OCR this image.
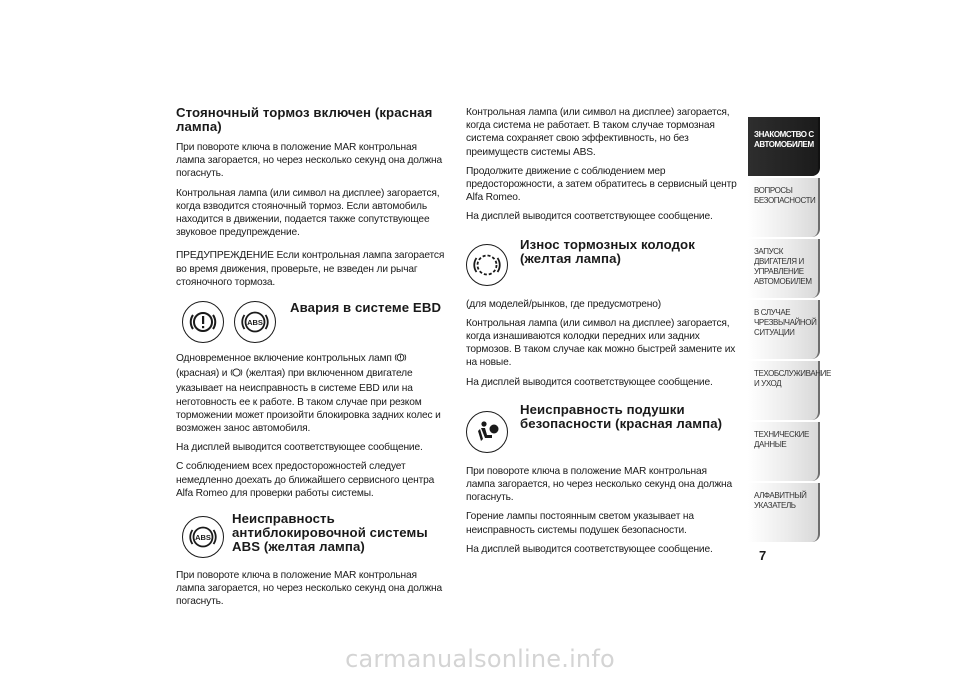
Стояночный тормоз включен (красная лампа)

При повороте ключа в положение MAR контрольная лампа загорается, но через несколько секунд она должна погаснуть.

Контрольная лампа (или символ на дисплее) загорается, когда взводится стояночный тормоз. Если автомобиль находится в движении, подается также сопутствующее звуковое предупреждение.

ПРЕДУПРЕЖДЕНИЕ Если контрольная лампа загорается во время движения, проверьте, не взведен ли рычаг стояночного тормоза.

ABS
Авария в системе EBD

Одновременное включение контрольных ламп  (красная) и (желтая) при включенном двигателе указывает на неисправность в системе EBD или на неготовность ее к работе. В таком случае при резком торможении может произойти блокировка задних колес и возможен занос автомобиля.

На дисплей выводится соответствующее сообщение.

С соблюдением всех предосторожностей следует немедленно доехать до ближайшего сервисного центра Alfa Romeo для проверки работы системы.

ABS
Неисправность антиблокировочной системы ABS (желтая лампа)

При повороте ключа в положение MAR контрольная лампа загорается, но через несколько секунд она должна погаснуть.

Контрольная лампа (или символ на дисплее) загорается, когда система не работает. В таком случае тормозная система сохраняет свою эффективность, но без преимуществ системы ABS.

Продолжите движение с соблюдением мер предосторожности, а затем обратитесь в сервисный центр Alfa Romeo.

На дисплей выводится соответствующее сообщение.

Износ тормозных колодок (желтая лампа)

(для моделей/рынков, где предусмотрено)

Контрольная лампа (или символ на дисплее) загорается, когда изнашиваются колодки передних или задних тормозов. В таком случае как можно быстрей замените их на новые.

На дисплей выводится соответствующее сообщение.

Неисправность подушки безопасности (красная лампа)

При повороте ключа в положение MAR контрольная лампа загорается, но через несколько секунд она должна погаснуть.

Горение лампы постоянным светом указывает на неисправность системы подушек безопасности.

На дисплей выводится соответствующее сообщение.

ЗНАКОМСТВО С АВТОМОБИЛЕМ
ВОПРОСЫ БЕЗОПАСНОСТИ
ЗАПУСК ДВИГАТЕЛЯ И УПРАВЛЕНИЕ АВТОМОБИЛЕМ
В СЛУЧАЕ ЧРЕЗВЫЧАЙНОЙ СИТУАЦИИ
ТЕХОБСЛУЖИВАНИЕ И УХОД
ТЕХНИЧЕСКИЕ ДАННЫЕ
АЛФАВИТНЫЙ УКАЗАТЕЛЬ
7
carmanualsonline.info
